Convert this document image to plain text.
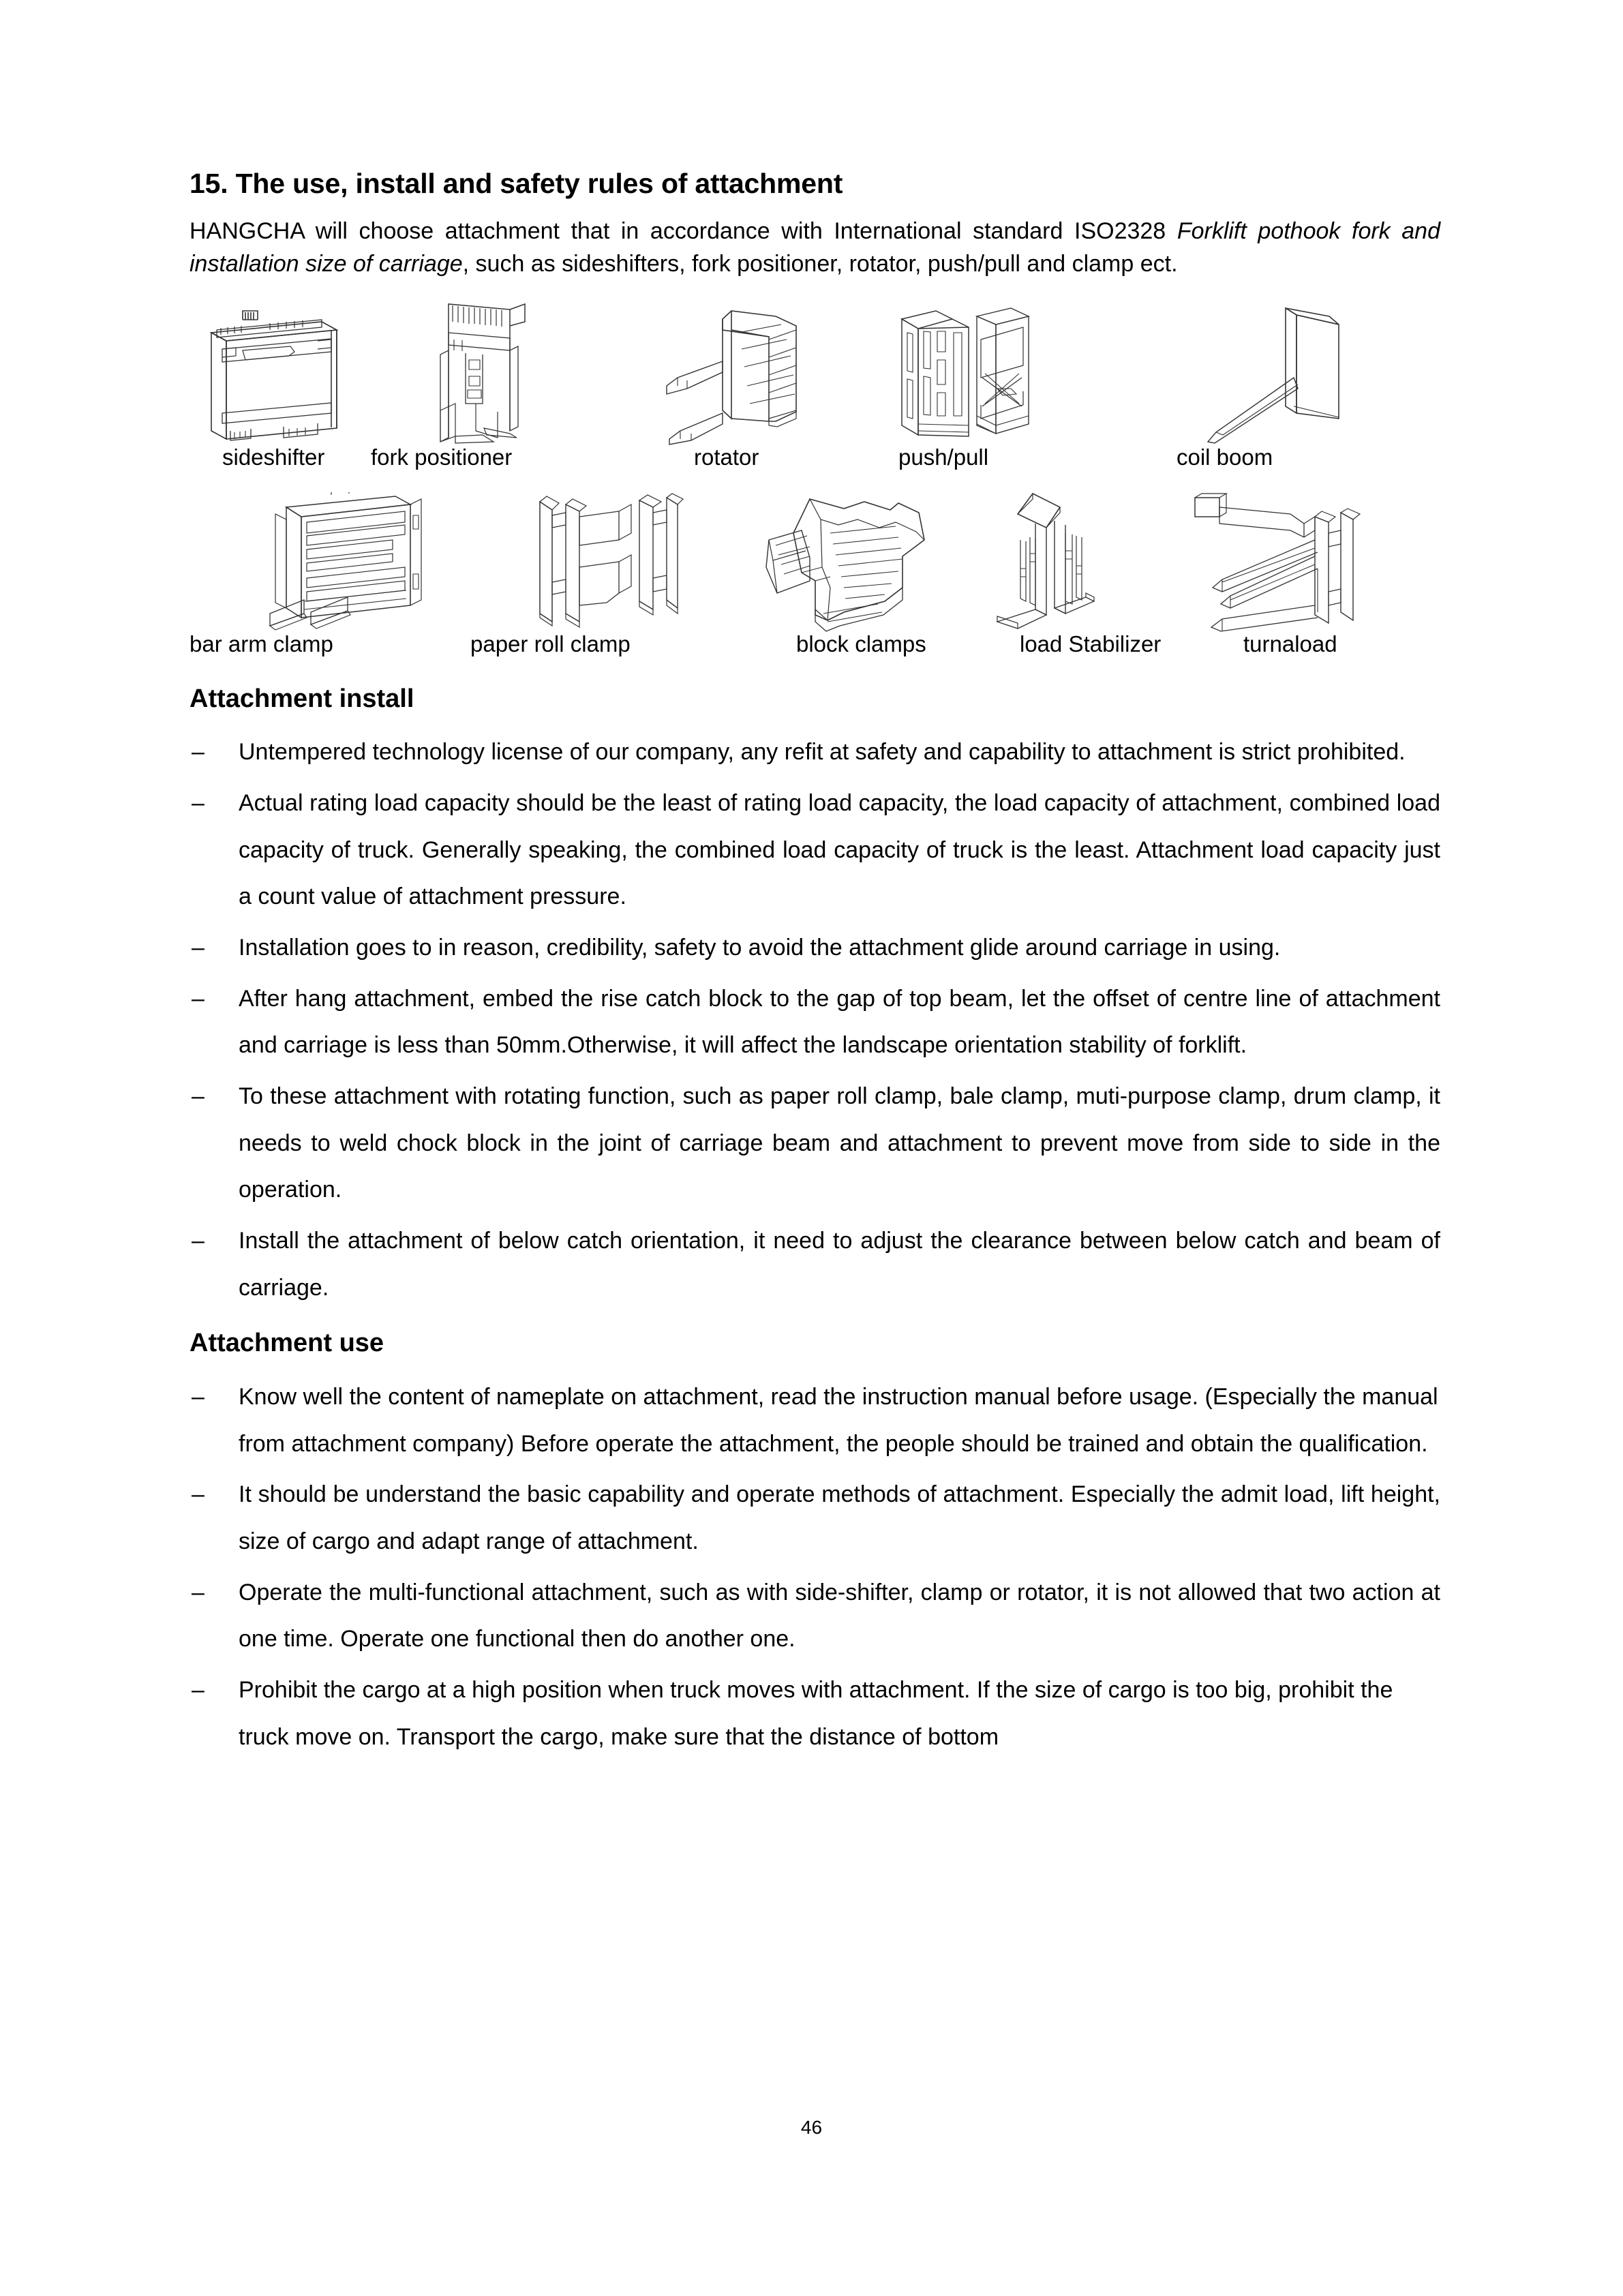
15. The use, install and safety rules of attachment

HANGCHA will choose attachment that in accordance with International standard ISO2328 Forklift pothook fork and installation size of carriage, such as sideshifters, fork positioner, rotator, push/pull and clamp ect.

sideshifter fork positioner	rotator	push/pull	coil boom
bar arm clamp	paper roll clamp	block clamps	load Stabilizer	turnaload
Attachment install
– Untempered technology license of our company, any refit at safety and capability to attachment is strict prohibited.
– Actual rating load capacity should be the least of rating load capacity, the load capacity of attachment, combined load capacity of truck. Generally speaking, the combined load capacity of truck is the least. Attachment load capacity just a count value of attachment pressure.
– Installation goes to in reason, credibility, safety to avoid the attachment glide around carriage in using.
– After hang attachment, embed the rise catch block to the gap of top beam, let the offset of centre line of attachment and carriage is less than 50mm.Otherwise, it will affect the landscape orientation stability of forklift.
– To these attachment with rotating function, such as paper roll clamp, bale clamp, muti-purpose clamp, drum clamp, it needs to weld chock block in the joint of carriage beam and attachment to prevent move from side to side in the operation.
– Install the attachment of below catch orientation, it need to adjust the clearance between below catch and beam of carriage.
Attachment use
– Know well the content of nameplate on attachment, read the instruction manual before usage. (Especially the manual from attachment company) Before operate the attachment, the people should be trained and obtain the qualification.
– It should be understand the basic capability and operate methods of attachment. Especially the admit load, lift height, size of cargo and adapt range of attachment.
– Operate the multi-functional attachment, such as with side-shifter, clamp or rotator, it is not allowed that two action at one time. Operate one functional then do another one.
– Prohibit the cargo at a high position when truck moves with attachment. If the size of cargo is too big, prohibit the truck move on. Transport the cargo, make sure that the distance of bottom
46
